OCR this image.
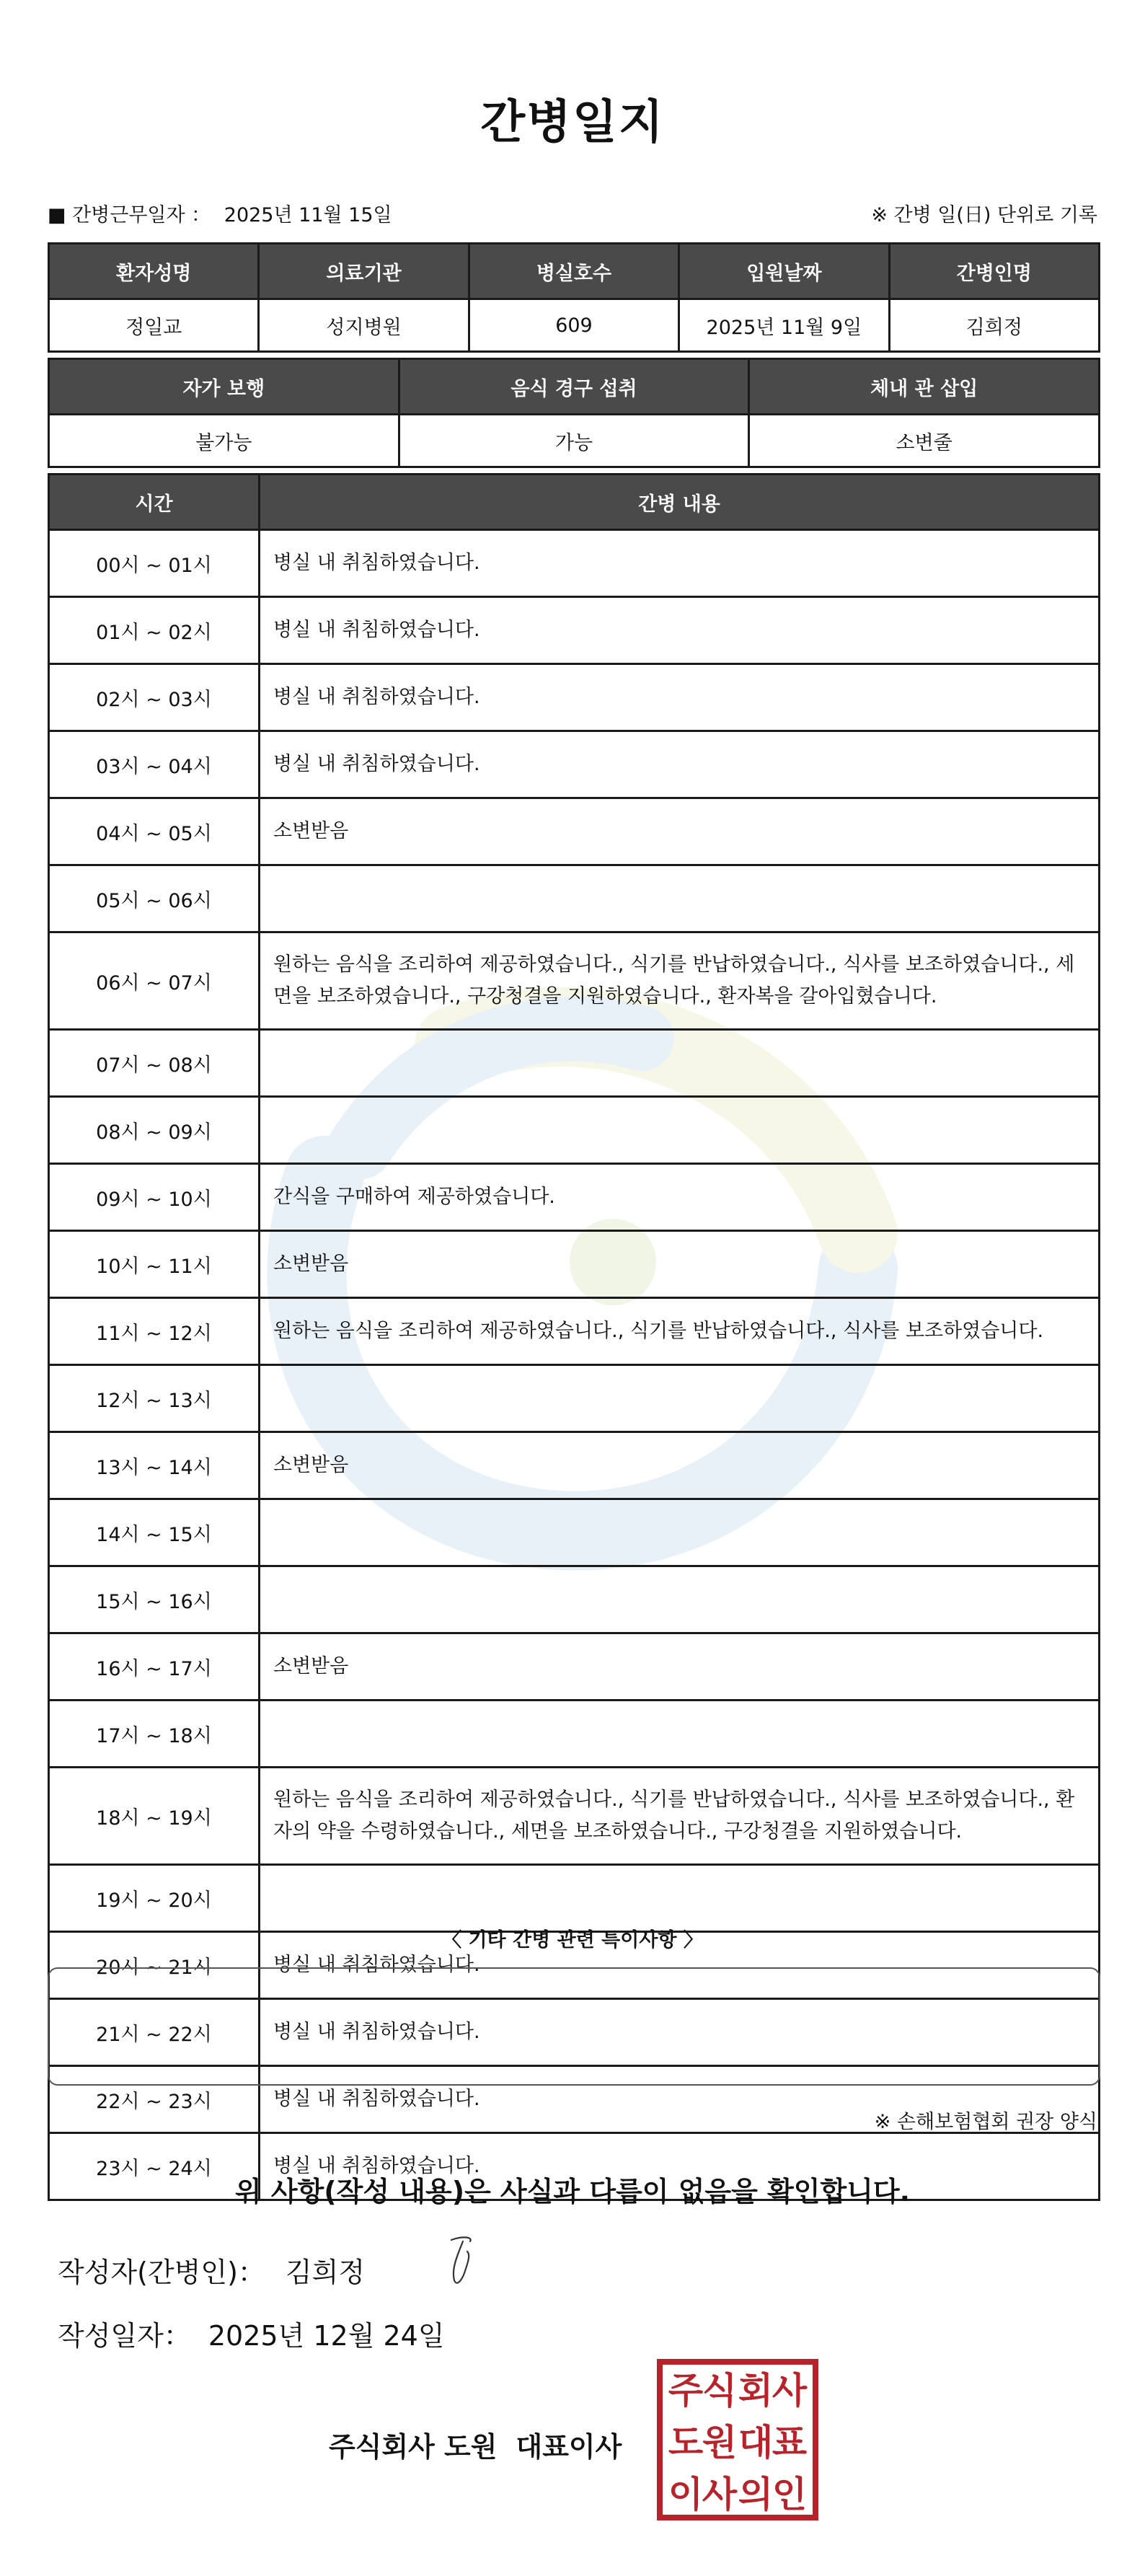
간병일지
■ 간병근무일자 ： 2025년 11월 15일	※ 간병 일(日) 단위로 기록
환자성명	의료기관	병실호수	입원날짜	간병인명
정일교	성지병원	609	2025년 11월 9일	김희정
자가 보행	음식 경구 섭취	체내 관 삽입
불가능	가능	소변줄
시간	간병 내용
00시 ~ 01시	병실 내 취침하였습니다.
01시 ~ 02시	병실 내 취침하였습니다.
02시 ~ 03시	병실 내 취침하였습니다.
03시 ~ 04시	병실 내 취침하였습니다.
04시 ~ 05시	소변받음
05시 ~ 06시	
06시 ~ 07시	원하는 음식을 조리하여 제공하였습니다., 식기를 반납하였습니다., 식사를 보조하였습니다., 세면을 보조하였습니다., 구강청결을 지원하였습니다., 환자복을 갈아입혔습니다.
07시 ~ 08시	
08시 ~ 09시	
09시 ~ 10시	간식을 구매하여 제공하였습니다.
10시 ~ 11시	소변받음
11시 ~ 12시	원하는 음식을 조리하여 제공하였습니다., 식기를 반납하였습니다., 식사를 보조하였습니다.
12시 ~ 13시	
13시 ~ 14시	소변받음
14시 ~ 15시	
15시 ~ 16시	
16시 ~ 17시	소변받음
17시 ~ 18시	
18시 ~ 19시	원하는 음식을 조리하여 제공하였습니다., 식기를 반납하였습니다., 식사를 보조하였습니다., 환자의 약을 수령하였습니다., 세면을 보조하였습니다., 구강청결을 지원하였습니다.
19시 ~ 20시	
20시 ~ 21시	병실 내 취침하였습니다.
21시 ~ 22시	병실 내 취침하였습니다.
22시 ~ 23시	병실 내 취침하였습니다.
23시 ~ 24시	병실 내 취침하였습니다.
〈 기타 간병 관련 특이사항 〉
※ 손해보험협회 권장 양식
위 사항(작성 내용)은 사실과 다름이 없음을 확인합니다.
작성자(간병인)： 김희정
작성일자： 2025년 12월 24일
주식회사 도원 대표이사
주
식 회
사
도
원 대
표
이
사 의
인
